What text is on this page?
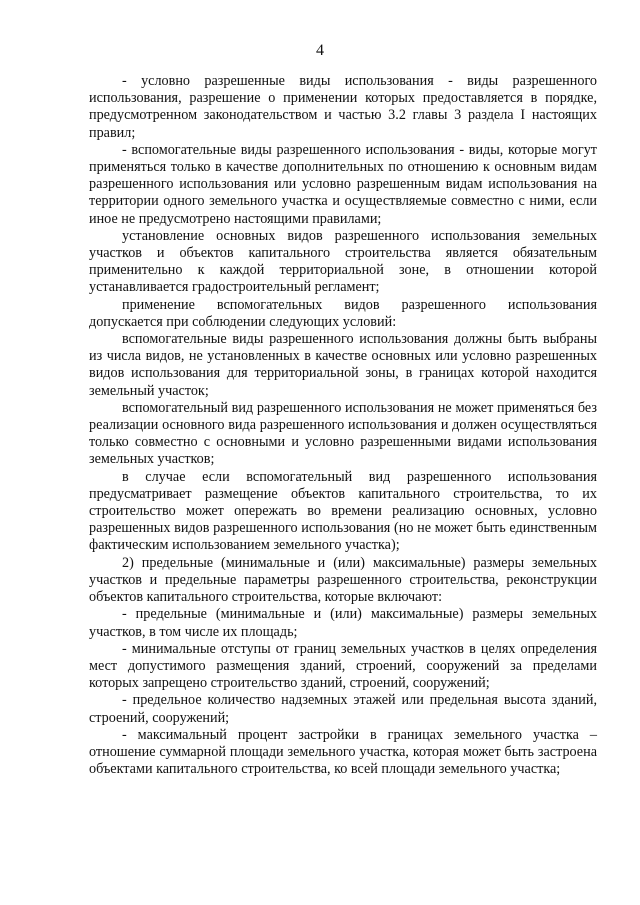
4

- условно разрешенные виды использования - виды разрешенного использования, разрешение о применении которых предоставляется в порядке, предусмотренном законодательством и частью 3.2 главы 3 раздела I настоящих правил;

- вспомогательные виды разрешенного использования - виды, которые могут применяться только в качестве дополнительных по отношению к основным видам разрешенного использования или условно разрешенным видам использования на территории одного земельного участка и осуществляемые совместно с ними, если иное не предусмотрено настоящими правилами;

установление основных видов разрешенного использования земельных участков и объектов капитального строительства является обязательным применительно к каждой территориальной зоне, в отношении которой устанавливается градостроительный регламент;

применение вспомогательных видов разрешенного использования допускается при соблюдении следующих условий:

вспомогательные виды разрешенного использования должны быть выбраны из числа видов, не установленных в качестве основных или условно разрешенных видов использования для территориальной зоны, в границах которой находится земельный участок;

вспомогательный вид разрешенного использования не может применяться без реализации основного вида разрешенного использования и должен осуществляться только совместно с основными и условно разрешенными видами использования земельных участков;

в случае если вспомогательный вид разрешенного использования предусматривает размещение объектов капитального строительства, то их строительство может опережать во времени реализацию основных, условно разрешенных видов разрешенного использования (но не может быть единственным фактическим использованием земельного участка);

2) предельные (минимальные и (или) максимальные) размеры земельных участков и предельные параметры разрешенного строительства, реконструкции объектов капитального строительства, которые включают:

- предельные (минимальные и (или) максимальные) размеры земельных участков, в том числе их площадь;

- минимальные отступы от границ земельных участков в целях определения мест допустимого размещения зданий, строений, сооружений за пределами которых запрещено строительство зданий, строений, сооружений;

- предельное количество надземных этажей или предельная высота зданий, строений, сооружений;

- максимальный процент застройки в границах земельного участка – отношение суммарной площади земельного участка, которая может быть застроена объектами капитального строительства, ко всей площади земельного участка;
